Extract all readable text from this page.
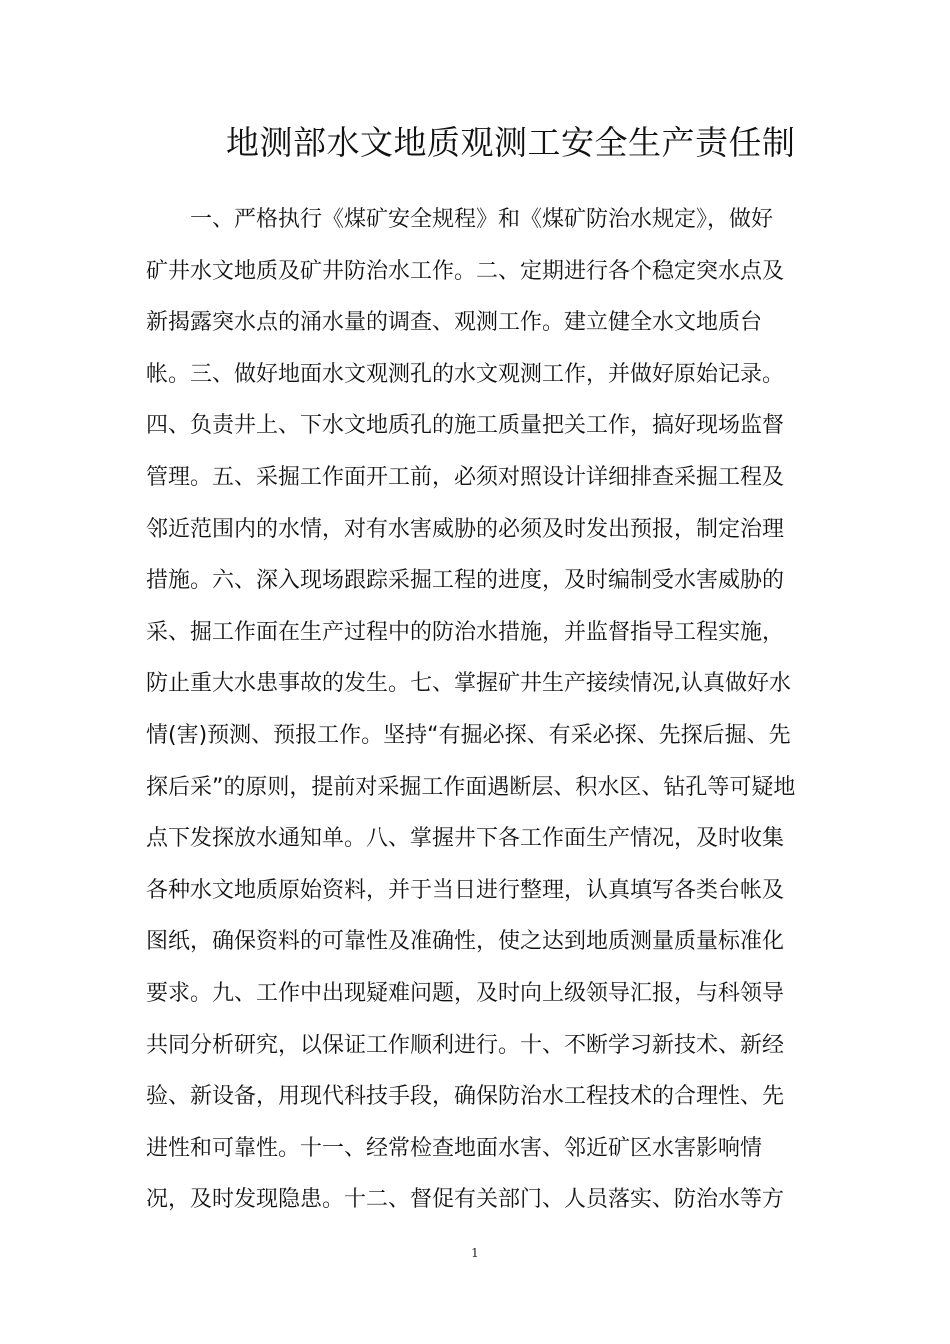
地测部水文地质观测工安全生产责任制
一、严格执行《煤矿安全规程》和《煤矿防治水规定》，做好
矿井水文地质及矿井防治水工作。二、定期进行各个稳定突水点及
新揭露突水点的涌水量的调查、观测工作。建立健全水文地质台
帐。三、做好地面水文观测孔的水文观测工作，并做好原始记录。
四、负责井上、下水文地质孔的施工质量把关工作，搞好现场监督
管理。五、采掘工作面开工前，必须对照设计详细排查采掘工程及
邻近范围内的水情，对有水害威胁的必须及时发出预报，制定治理
措施。六、深入现场跟踪采掘工程的进度，及时编制受水害威胁的
采、掘工作面在生产过程中的防治水措施，并监督指导工程实施，
防止重大水患事故的发生。七、掌握矿井生产接续情况,认真做好水
情(害)预测、预报工作。坚持“有掘必探、有采必探、先探后掘、先
探后采”的原则，提前对采掘工作面遇断层、积水区、钻孔等可疑地
点下发探放水通知单。八、掌握井下各工作面生产情况，及时收集
各种水文地质原始资料，并于当日进行整理，认真填写各类台帐及
图纸，确保资料的可靠性及准确性，使之达到地质测量质量标准化
要求。九、工作中出现疑难问题，及时向上级领导汇报，与科领导
共同分析研究，以保证工作顺利进行。十、不断学习新技术、新经
验、新设备，用现代科技手段，确保防治水工程技术的合理性、先
进性和可靠性。十一、经常检查地面水害、邻近矿区水害影响情
况，及时发现隐患。十二、督促有关部门、人员落实、防治水等方
1
